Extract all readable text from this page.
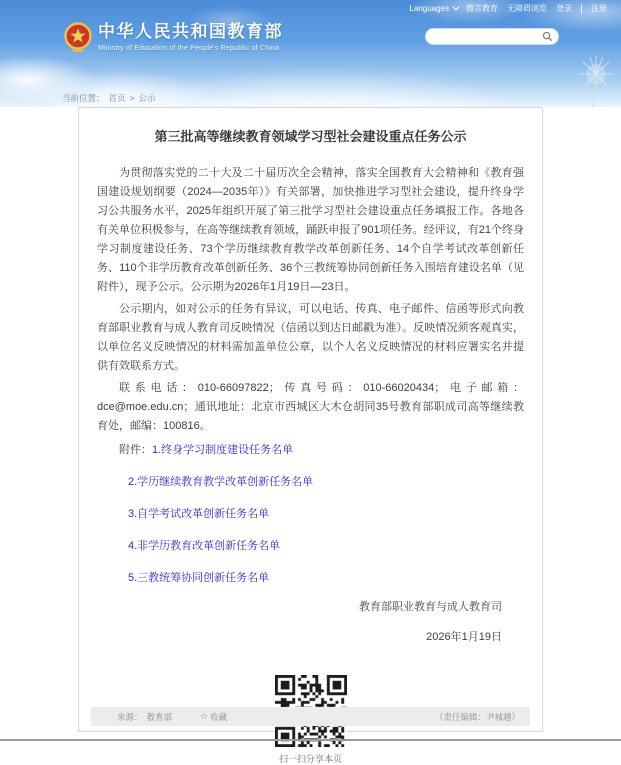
Languages	微言教育 无障碍浏览 登录	注册
中华人民共和国教育部
Ministry of Education of the People's Republic of China
当前位置： 首页 > 公示
第三批高等继续教育领域学习型社会建设重点任务公示

为贯彻落实党的二十大及二十届历次全会精神，落实全国教育大会精神和《教育强国建设规划纲要（2024—2035年）》有关部署，加快推进学习型社会建设，提升终身学习公共服务水平，2025年组织开展了第三批学习型社会建设重点任务填报工作。各地各有关单位积极参与，在高等继续教育领域，踊跃申报了901项任务。经评议，有21个终身学习制度建设任务、73个学历继续教育教学改革创新任务、14个自学考试改革创新任务、110个非学历教育改革创新任务、36个三教统筹协同创新任务入围培育建设名单（见附件），现予公示。公示期为2026年1月19日—23日。

公示期内，如对公示的任务有异议，可以电话、传真、电子邮件、信函等形式向教育部职业教育与成人教育司反映情况（信函以到达日邮戳为准）。反映情况须客观真实，以单位名义反映情况的材料需加盖单位公章，以个人名义反映情况的材料应署实名并提供有效联系方式。

联系电话：010-66097822；传真号码：010-66020434；电子邮箱：dce@moe.edu.cn；通讯地址：北京市西城区大木仓胡同35号教育部职成司高等继续教育处，邮编：100816。

附件：1.终身学习制度建设任务名单
2.学历继续教育教学改革创新任务名单
3.自学考试改革创新任务名单
4.非学历教育改革创新任务名单
5.三教统筹协同创新任务名单
教育部职业教育与成人教育司
2026年1月19日
扫一扫分享本页
来源： 教育部	☆ 收藏	（责任编辑：尹城越）
